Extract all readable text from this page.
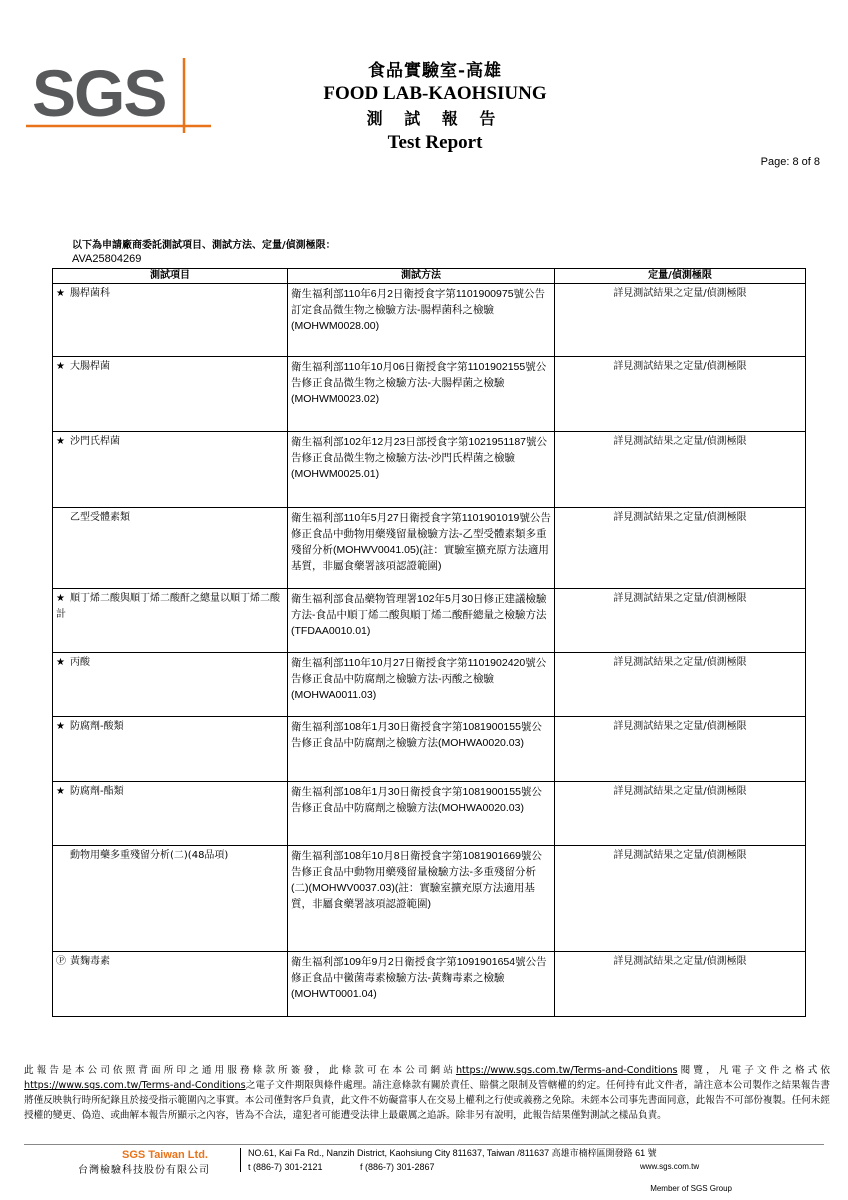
SGS	食品實驗室-高雄
FOOD LAB-KAOHSIUNG
測 試 報 告
Test Report
Page: 8 of 8
以下為申請廠商委託測試項目、測試方法、定量/偵測極限：
AVA25804269
測試項目	測試方法	定量/偵測極限
★ 腸桿菌科	衛生福利部110年6月2日衛授食字第1101900975號公告訂定食品微生物之檢驗方法-腸桿菌科之檢驗(MOHWM0028.00)	詳見測試結果之定量/偵測極限
★ 大腸桿菌	衛生福利部110年10月06日衛授食字第1101902155號公告修正食品微生物之檢驗方法-大腸桿菌之檢驗(MOHWM0023.02)	詳見測試結果之定量/偵測極限
★ 沙門氏桿菌	衛生福利部102年12月23日部授食字第1021951187號公告修正食品微生物之檢驗方法-沙門氏桿菌之檢驗(MOHWM0025.01)	詳見測試結果之定量/偵測極限
乙型受體素類	衛生福利部110年5月27日衛授食字第1101901019號公告修正食品中動物用藥殘留量檢驗方法-乙型受體素類多重殘留分析(MOHWV0041.05)(註：實驗室擴充原方法適用基質，非屬食藥署該項認證範圍)	詳見測試結果之定量/偵測極限
★ 順丁烯二酸與順丁烯二酸酐之總量以順丁烯二酸計	衛生福利部食品藥物管理署102年5月30日修正建議檢驗方法-食品中順丁烯二酸與順丁烯二酸酐總量之檢驗方法(TFDAA0010.01)	詳見測試結果之定量/偵測極限
★ 丙酸	衛生福利部110年10月27日衛授食字第1101902420號公告修正食品中防腐劑之檢驗方法-丙酸之檢驗(MOHWA0011.03)	詳見測試結果之定量/偵測極限
★ 防腐劑-酸類	衛生福利部108年1月30日衛授食字第1081900155號公告修正食品中防腐劑之檢驗方法(MOHWA0020.03)	詳見測試結果之定量/偵測極限
★ 防腐劑-酯類	衛生福利部108年1月30日衛授食字第1081900155號公告修正食品中防腐劑之檢驗方法(MOHWA0020.03)	詳見測試結果之定量/偵測極限
動物用藥多重殘留分析(二)(48品項)	衛生福利部108年10月8日衛授食字第1081901669號公告修正食品中動物用藥殘留量檢驗方法-多重殘留分析(二)(MOHWV0037.03)(註：實驗室擴充原方法適用基質，非屬食藥署該項認證範圍)	詳見測試結果之定量/偵測極限
Ⓟ 黃麴毒素	衛生福利部109年9月2日衛授食字第1091901654號公告修正食品中黴菌毒素檢驗方法-黃麴毒素之檢驗(MOHWT0001.04)	詳見測試結果之定量/偵測極限
此報告是本公司依照背面所印之通用服務條款所簽發，此條款可在本公司網站https://www.sgs.com.tw/Terms-and-Conditions閱覽，凡電子文件之格式依https://www.sgs.com.tw/Terms-and-Conditions之電子文件期限與條件處理。請注意條款有關於責任、賠償之限制及管轄權的約定。任何持有此文件者，請注意本公司製作之結果報告書將僅反映執行時所紀錄且於接受指示範圍內之事實。本公司僅對客戶負責，此文件不妨礙當事人在交易上權利之行使或義務之免除。未經本公司事先書面同意，此報告不可部份複製。任何未經授權的變更、偽造、或曲解本報告所顯示之內容，皆為不合法，違犯者可能遭受法律上最嚴厲之追訴。除非另有說明，此報告結果僅對測試之樣品負責。
SGS Taiwan Ltd.
台灣檢驗科技股份有限公司
NO.61, Kai Fa Rd., Nanzih District, Kaohsiung City 811637, Taiwan /811637 高雄市楠梓區開發路 61 號
t (886-7) 301-2121	f (886-7) 301-2867	www.sgs.com.tw
Member of SGS Group
